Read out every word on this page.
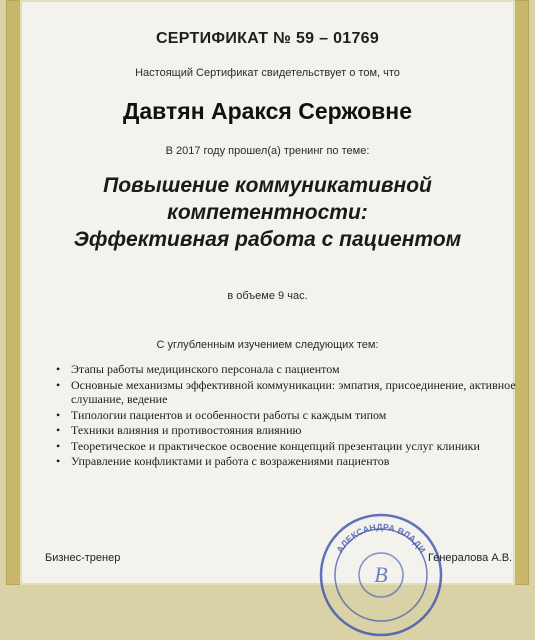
СЕРТИФИКАТ № 59 – 01769
Настоящий Сертификат свидетельствует о том, что
Давтян Аракся Сержовне
В 2017 году прошел(а) тренинг по теме:
Повышение коммуникативной
компетентности:
Эффективная работа с пациентом
в объеме 9 час.
С углубленным изучением следующих тем:
• Этапы работы медицинского персонала с пациентом
• Основные механизмы эффективной коммуникации: эмпатия, присоединение, активное слушание, ведение
• Типологии пациентов и особенности работы с каждым типом
• Техники влияния и противостояния влиянию
• Теоретическое и практическое освоение концепций презентации услуг клиники
• Управление конфликтами и работа с возражениями пациентов
В
АЛЕКСАНДРА ВЛАДИ
Бизнес-тренер	Генералова А.В.
